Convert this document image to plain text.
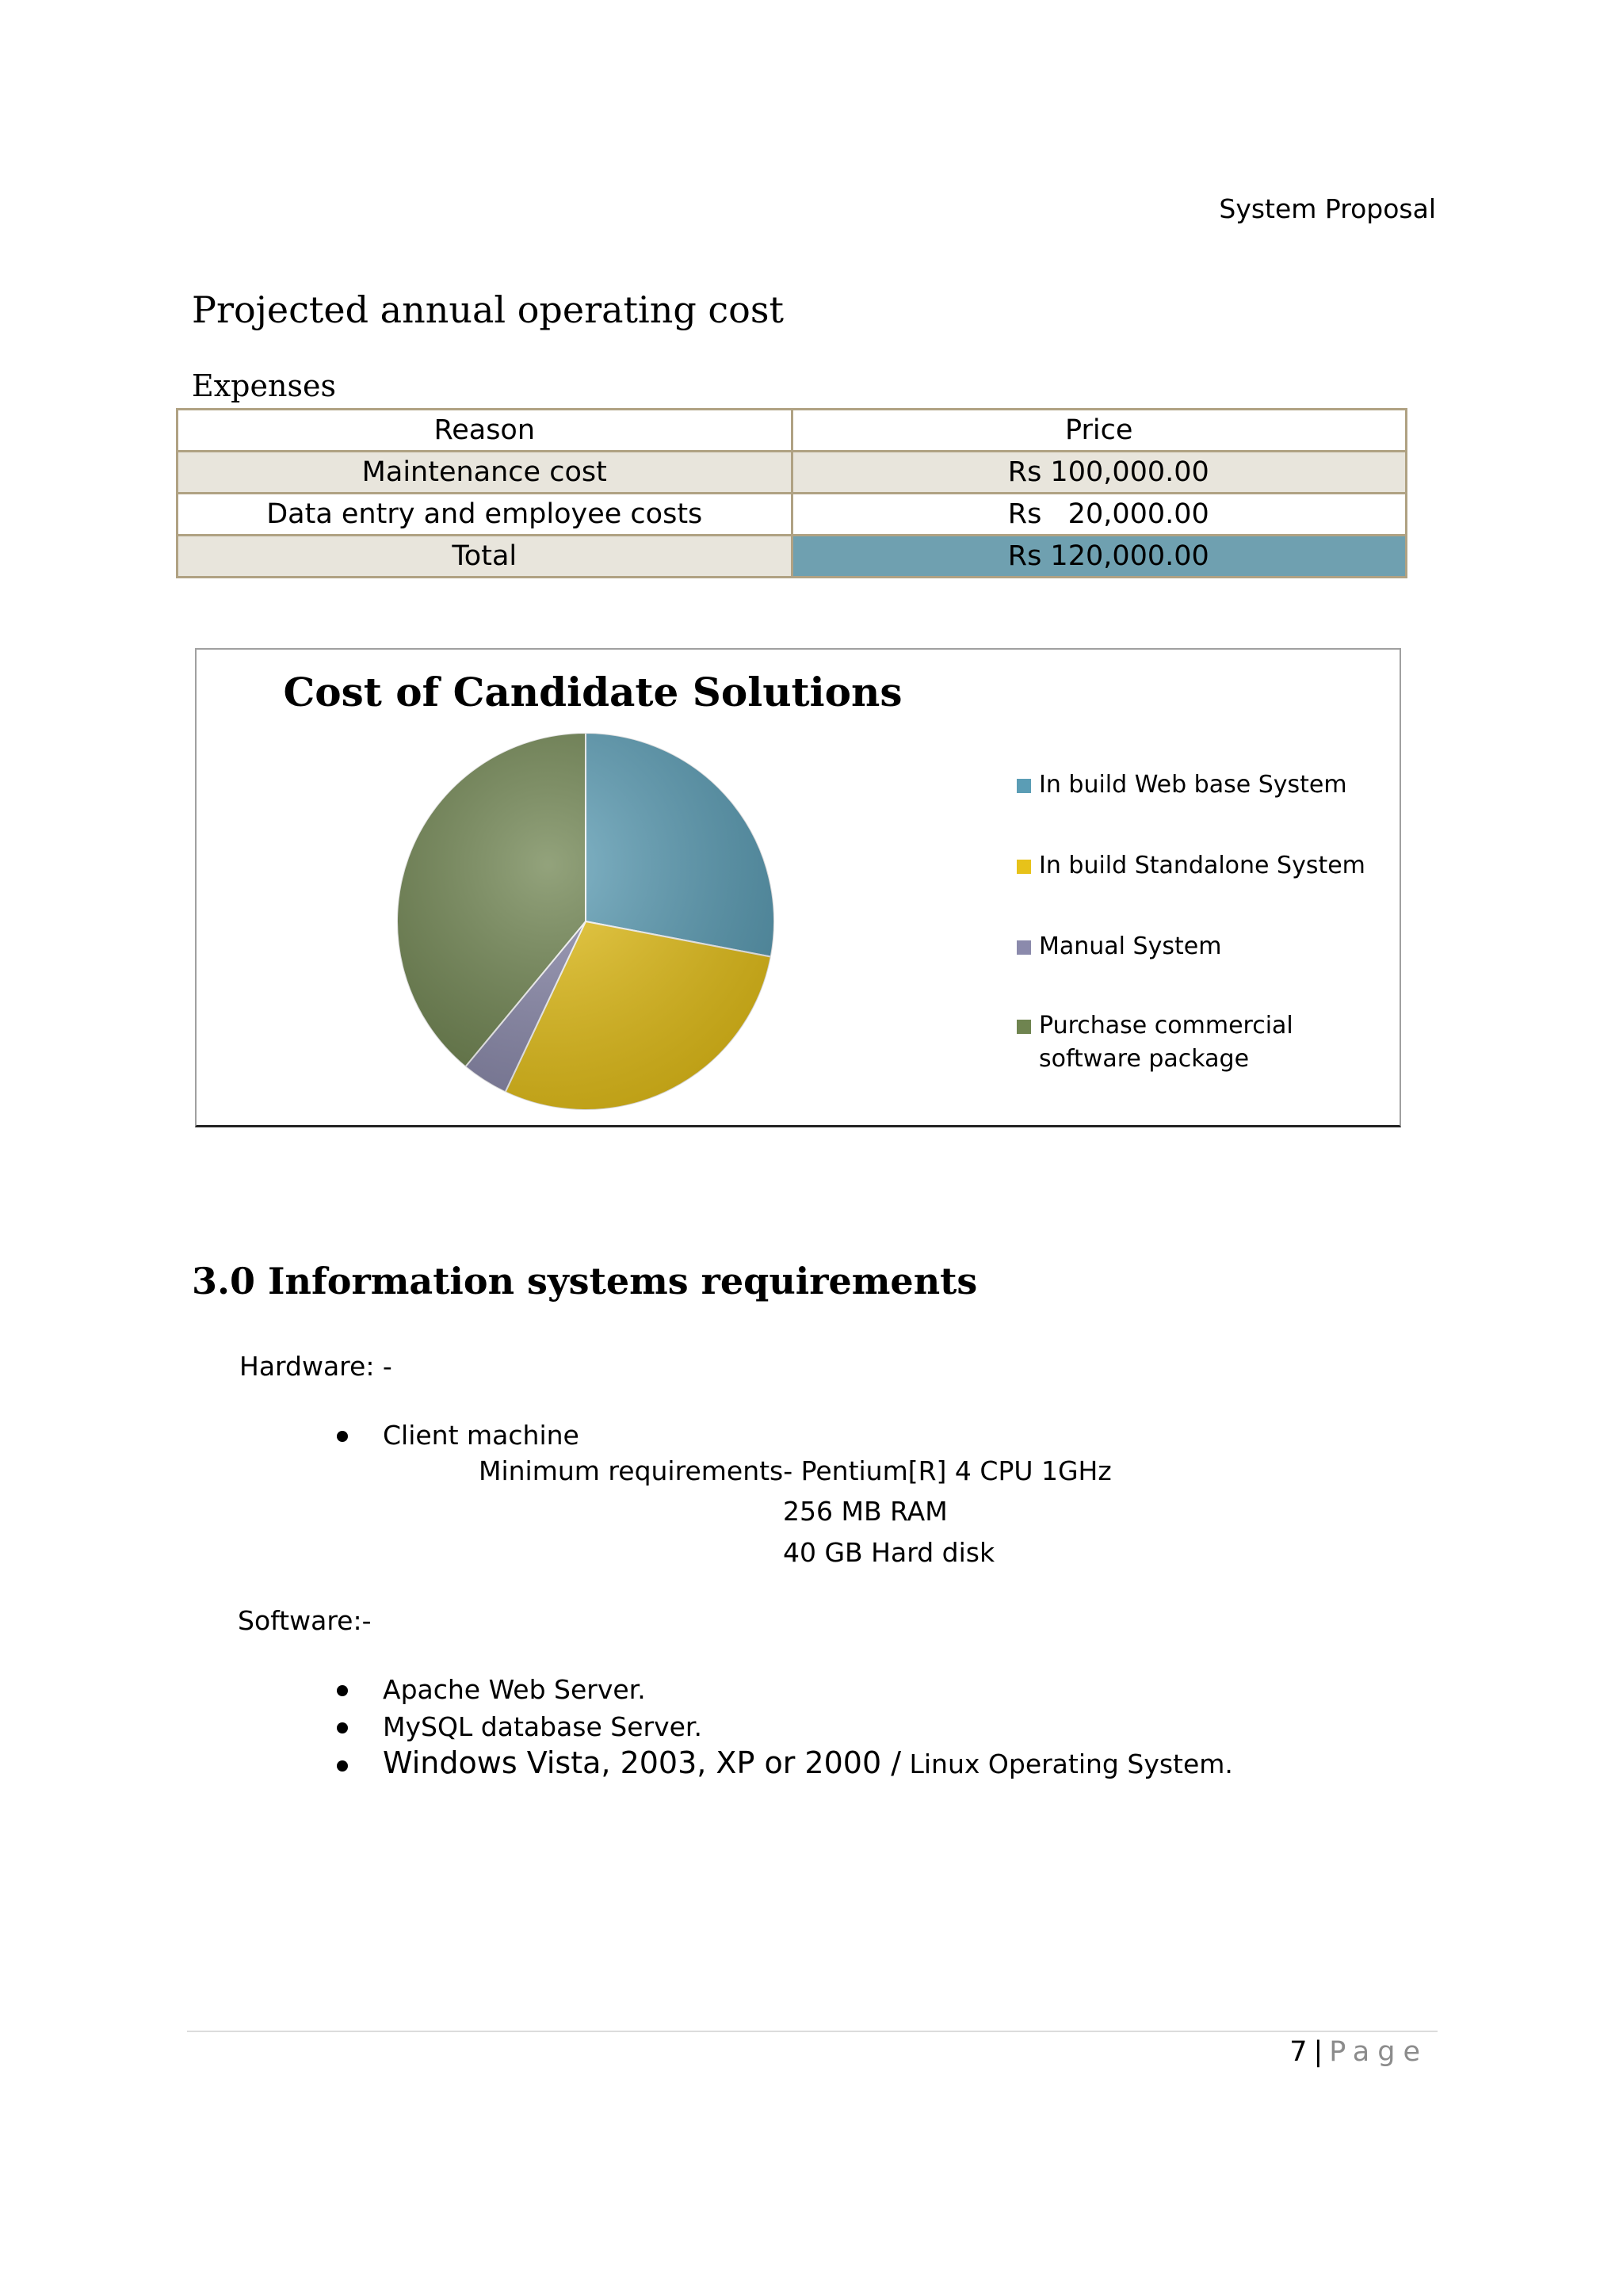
System Proposal
Projected annual operating cost
Expenses
Reason	Price
Maintenance cost	Rs 100,000.00
Data entry and employee costs	Rs   20,000.00
Total	Rs 120,000.00
Cost of Candidate Solutions
In build Web base System
In build Standalone System
Manual System
Purchase commercial software package
3.0 Information systems requirements
Hardware: -
Client machine
Minimum requirements- Pentium[R] 4 CPU 1GHz
256 MB RAM
40 GB Hard disk
Software:-
Apache Web Server.
MySQL database Server.
Windows Vista, 2003, XP or 2000 / Linux Operating System.
7 | Page
